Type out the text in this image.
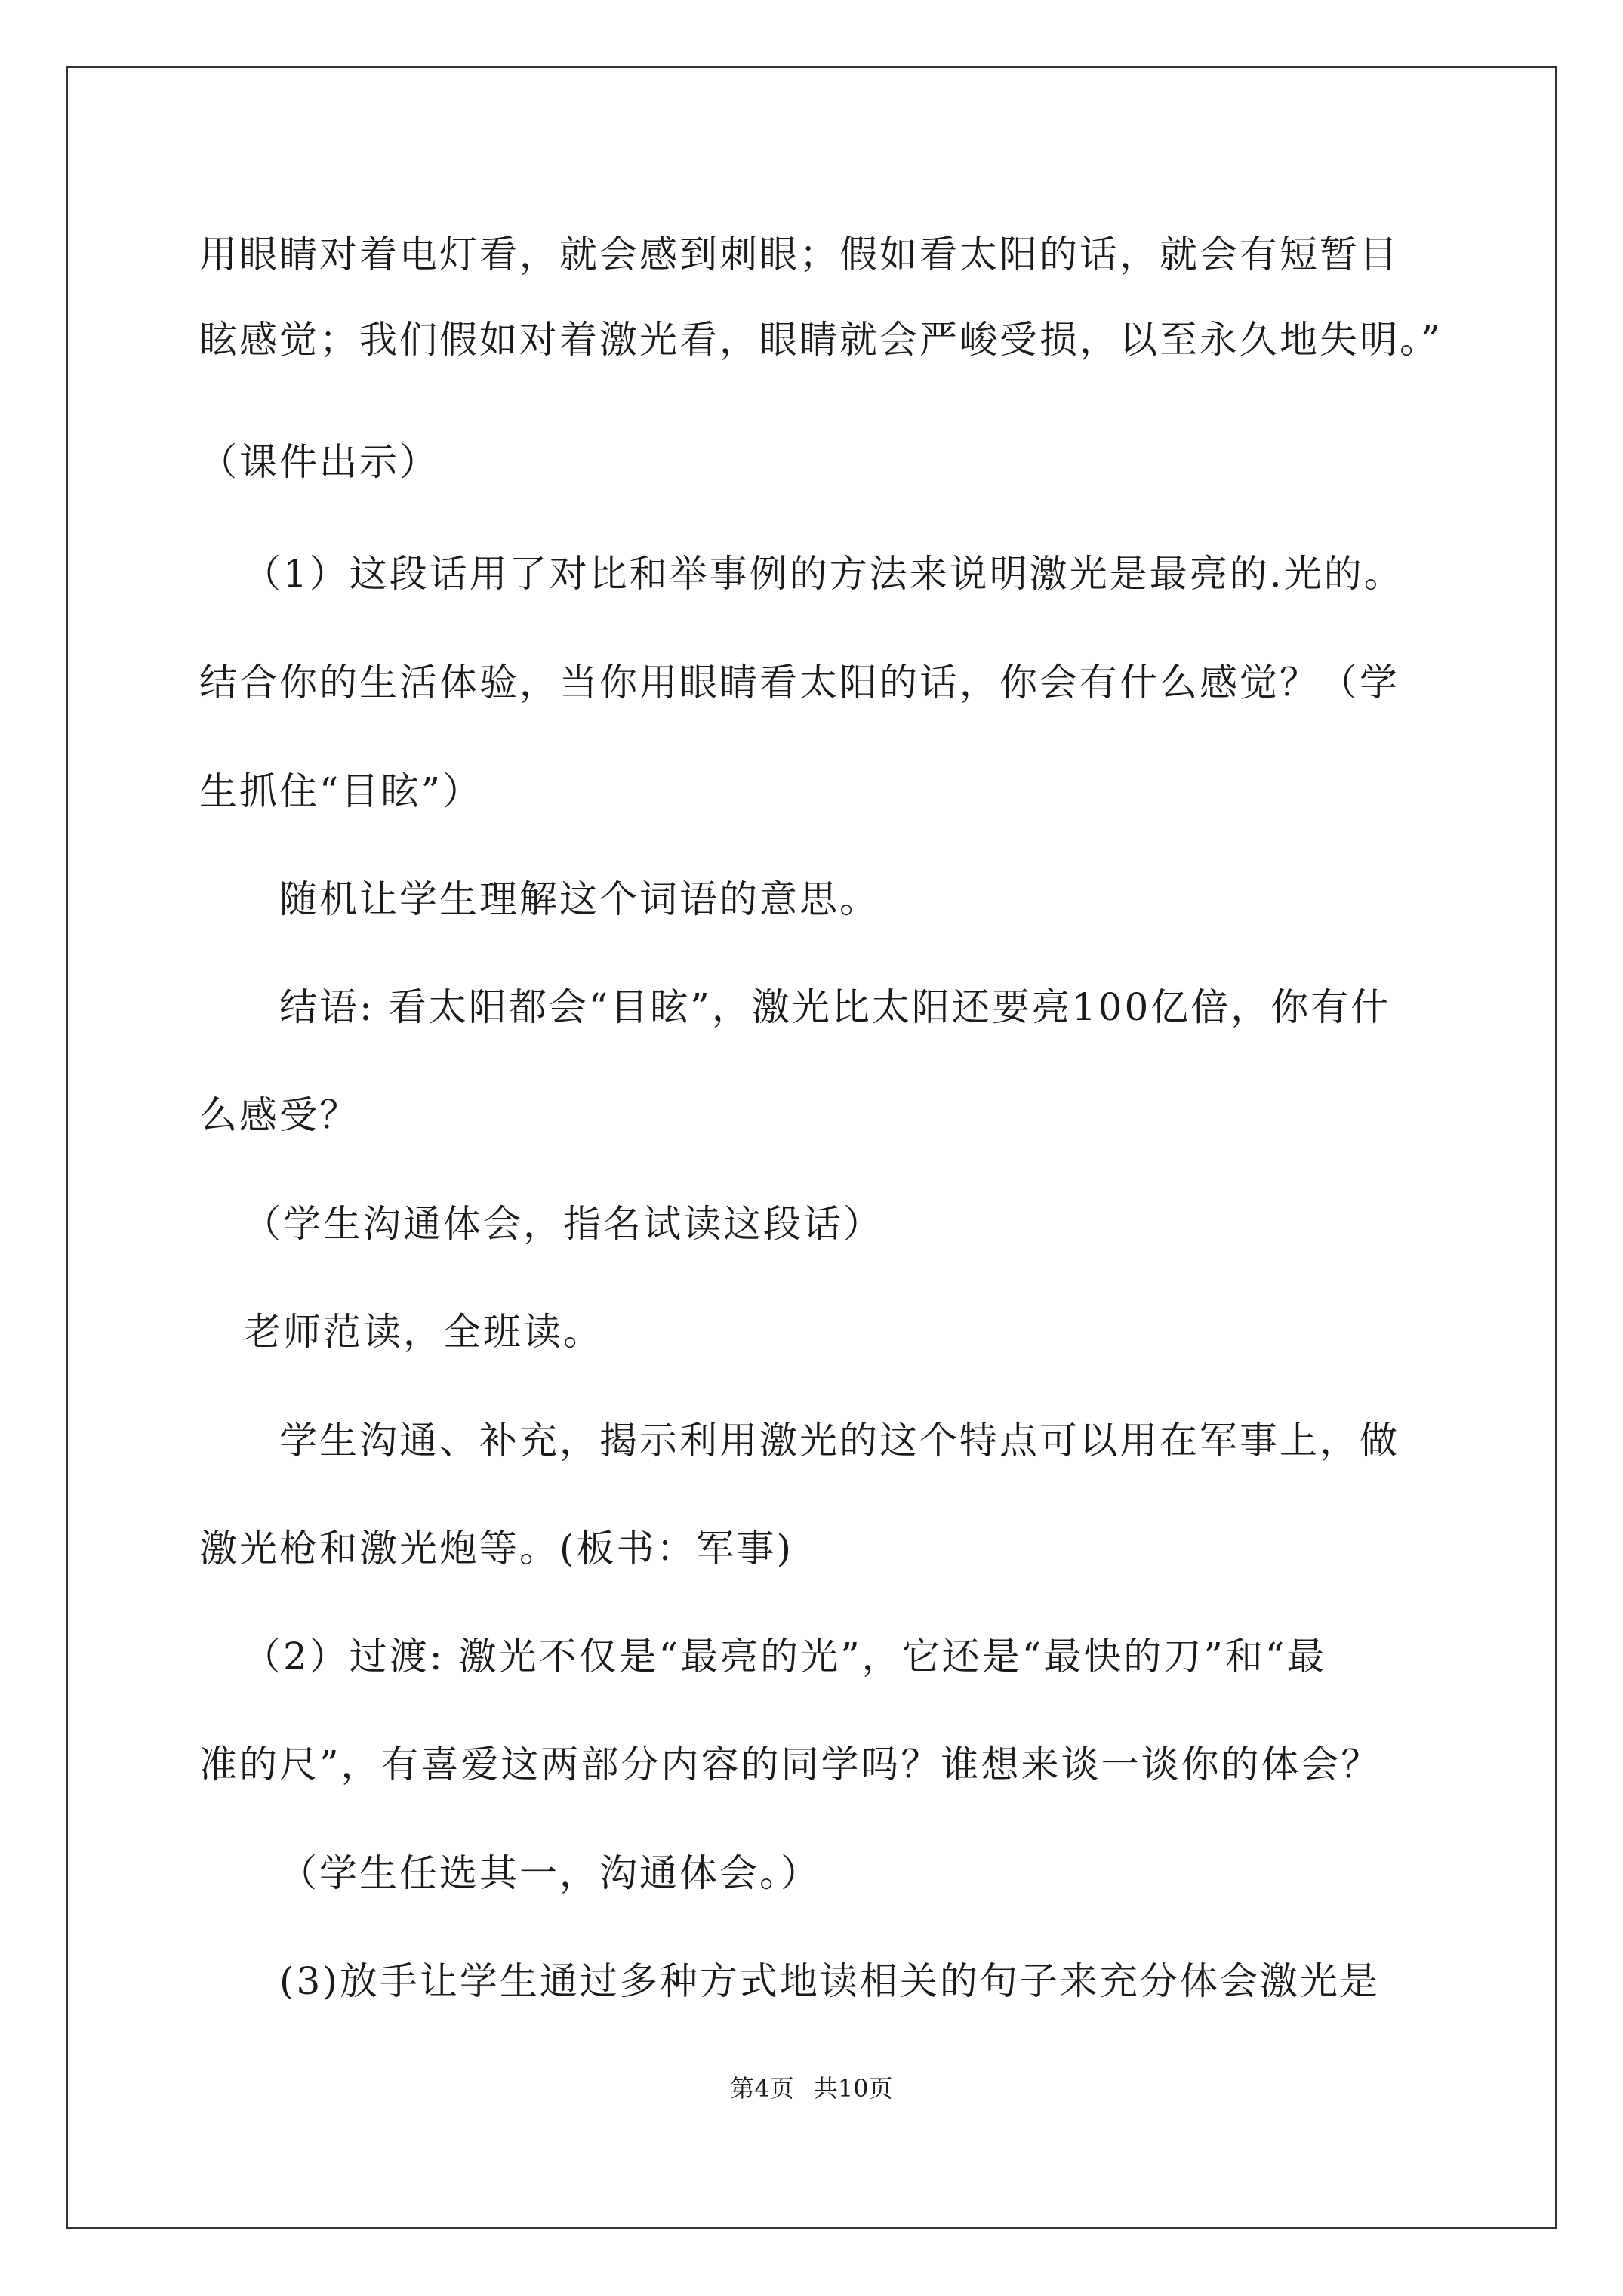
用眼睛对着电灯看，就会感到刺眼；假如看太阳的话，就会有短暂目

眩感觉；我们假如对着激光看，眼睛就会严峻受损，以至永久地失明。”

（课件出示）

（1）这段话用了对比和举事例的方法来说明激光是最亮的.光的。

结合你的生活体验，当你用眼睛看太阳的话，你会有什么感觉？（学

生抓住“目眩”）

随机让学生理解这个词语的意思。

结语: 看太阳都会“目眩”，激光比太阳还要亮100亿倍，你有什

么感受？

（学生沟通体会，指名试读这段话）

老师范读，全班读。

学生沟通、补充，揭示利用激光的这个特点可以用在军事上，做

激光枪和激光炮等。(板书：军事)

（2）过渡: 激光不仅是“最亮的光”，它还是“最快的刀”和“最

准的尺”，有喜爱这两部分内容的同学吗？谁想来谈一谈你的体会？

（学生任选其一，沟通体会。）

(3)放手让学生通过多种方式地读相关的句子来充分体会激光是

第4页 共10页
